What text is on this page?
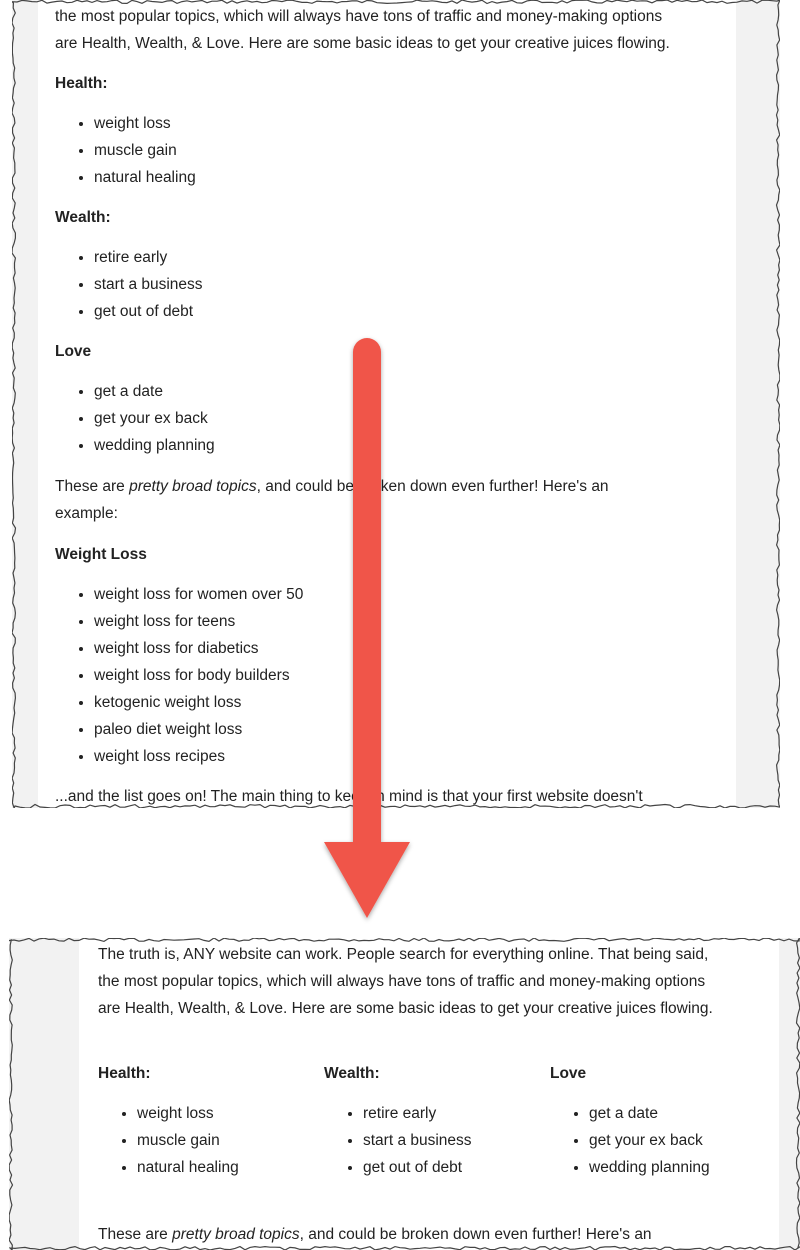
the most popular topics, which will always have tons of traffic and money-making options

are Health, Wealth, & Love. Here are some basic ideas to get your creative juices flowing.

Health:

• weight loss
• muscle gain
• natural healing

Wealth:

• retire early
• start a business
• get out of debt

Love

• get a date
• get your ex back
• wedding planning

These are pretty broad topics, and could be broken down even further! Here's an
example:

Weight Loss

• weight loss for women over 50
• weight loss for teens
• weight loss for diabetics
• weight loss for body builders
• ketogenic weight loss
• paleo diet weight loss
• weight loss recipes

...and the list goes on! The main thing to keep in mind is that your first website doesn't

The truth is, ANY website can work. People search for everything online. That being said,

the most popular topics, which will always have tons of traffic and money-making options

are Health, Wealth, & Love. Here are some basic ideas to get your creative juices flowing.

Health:

• weight loss
• muscle gain
• natural healing

Wealth:

• retire early
• start a business
• get out of debt

Love

• get a date
• get your ex back
• wedding planning

These are pretty broad topics, and could be broken down even further! Here's an
